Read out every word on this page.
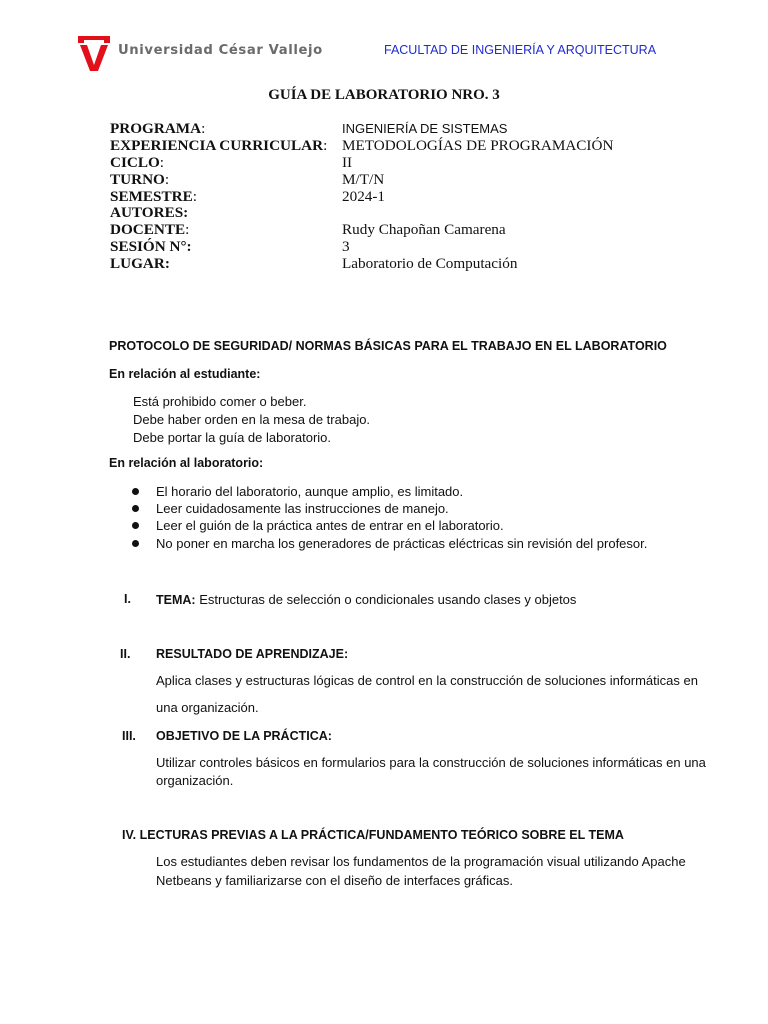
Universidad César Vallejo	FACULTAD DE INGENIERÍA Y ARQUITECTURA
GUÍA DE LABORATORIO NRO. 3
PROGRAMA:	INGENIERÍA DE SISTEMAS
EXPERIENCIA CURRICULAR: METODOLOGÍAS DE PROGRAMACIÓN
CICLO:	II
TURNO:	M/T/N
SEMESTRE:	2024-1
AUTORES:
DOCENTE:	Rudy Chapoñan Camarena
SESIÓN N°:	3
LUGAR:	Laboratorio de Computación
PROTOCOLO DE SEGURIDAD/ NORMAS BÁSICAS PARA EL TRABAJO EN EL LABORATORIO
En relación al estudiante:
Está prohibido comer o beber.
Debe haber orden en la mesa de trabajo.
Debe portar la guía de laboratorio.
En relación al laboratorio:
El horario del laboratorio, aunque amplio, es limitado.
Leer cuidadosamente las instrucciones de manejo.
Leer el guión de la práctica antes de entrar en el laboratorio.
No poner en marcha los generadores de prácticas eléctricas sin revisión del profesor.
I. TEMA: Estructuras de selección o condicionales usando clases y objetos
II. RESULTADO DE APRENDIZAJE:
Aplica clases y estructuras lógicas de control en la construcción de soluciones informáticas en
una organización.
III. OBJETIVO DE LA PRÁCTICA:
Utilizar controles básicos en formularios para la construcción de soluciones informáticas en una
organización.
IV. LECTURAS PREVIAS A LA PRÁCTICA/FUNDAMENTO TEÓRICO SOBRE EL TEMA
Los estudiantes deben revisar los fundamentos de la programación visual utilizando Apache
Netbeans y familiarizarse con el diseño de interfaces gráficas.
